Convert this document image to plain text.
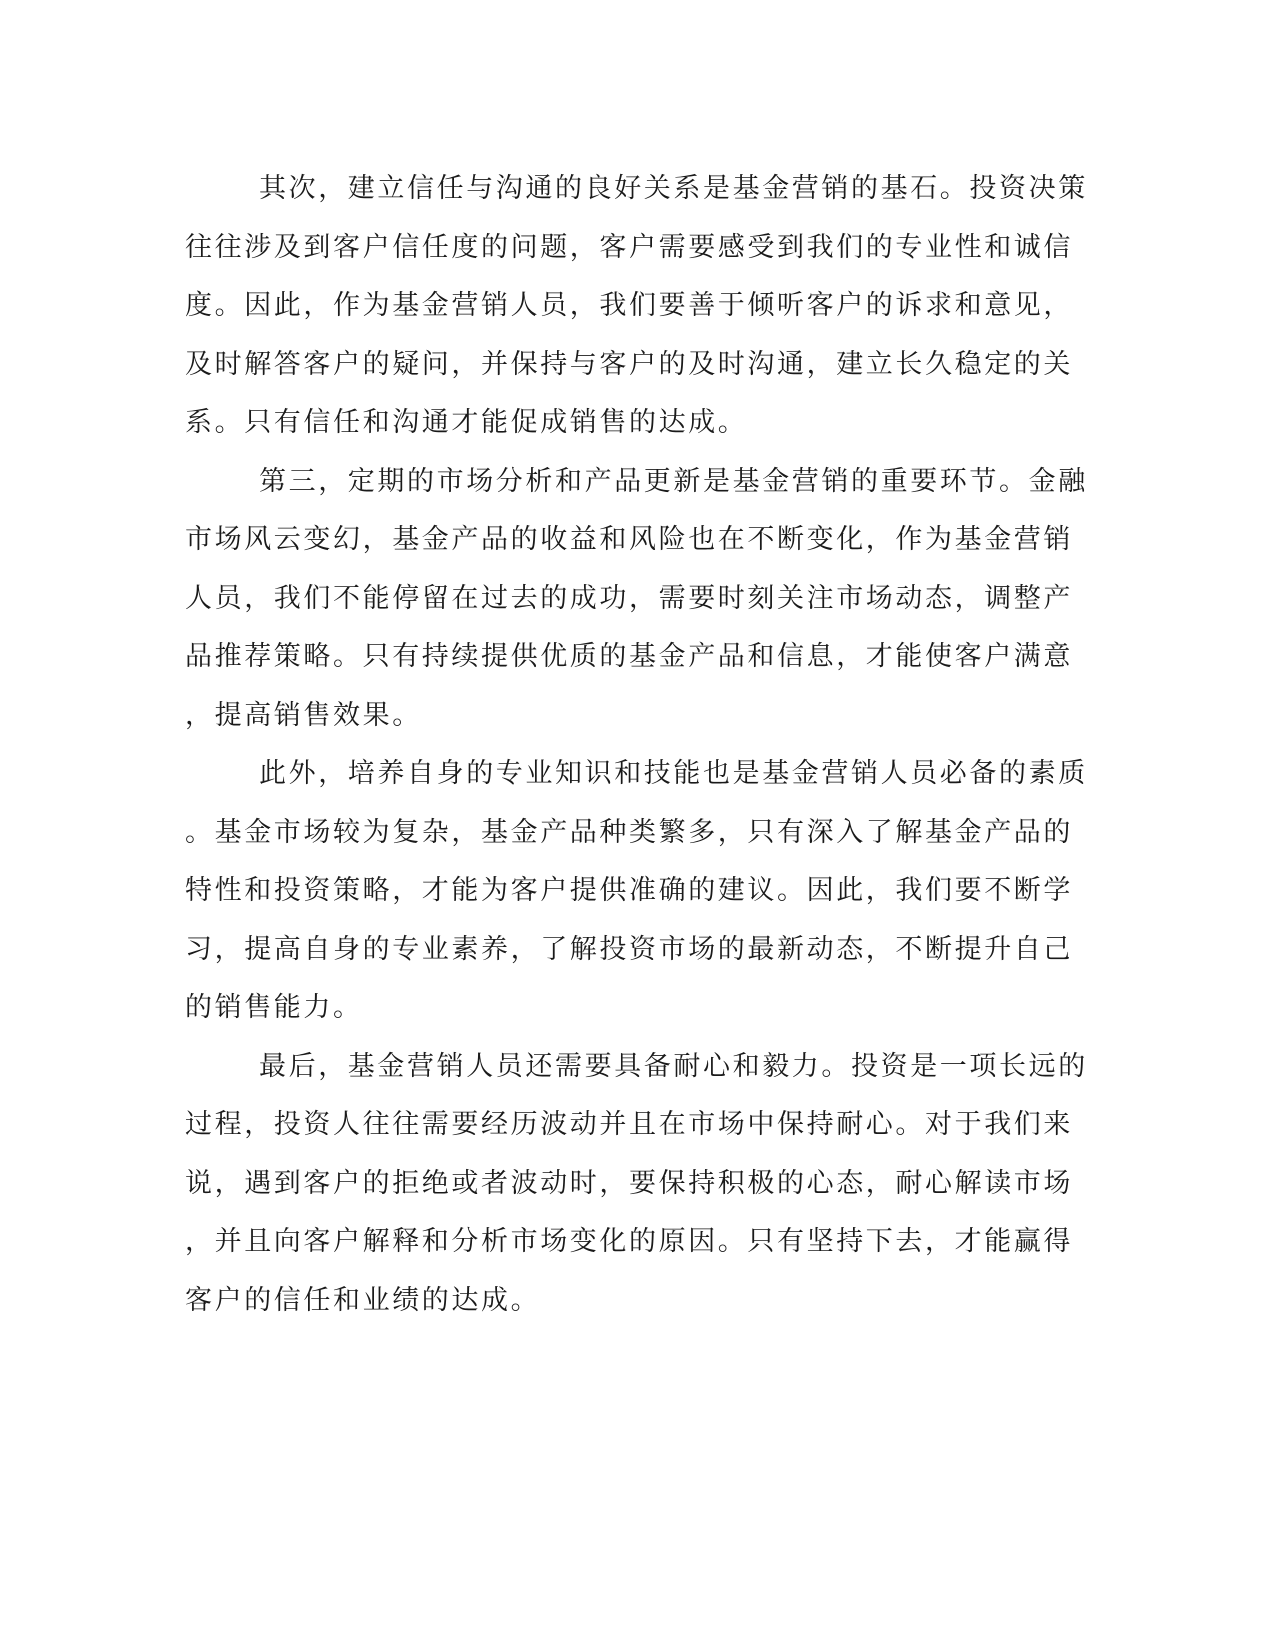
其次，建立信任与沟通的良好关系是基金营销的基石。投资决策
往往涉及到客户信任度的问题，客户需要感受到我们的专业性和诚信
度。因此，作为基金营销人员，我们要善于倾听客户的诉求和意见，
及时解答客户的疑问，并保持与客户的及时沟通，建立长久稳定的关
系。只有信任和沟通才能促成销售的达成。
第三，定期的市场分析和产品更新是基金营销的重要环节。金融
市场风云变幻，基金产品的收益和风险也在不断变化，作为基金营销
人员，我们不能停留在过去的成功，需要时刻关注市场动态，调整产
品推荐策略。只有持续提供优质的基金产品和信息，才能使客户满意
，提高销售效果。
此外，培养自身的专业知识和技能也是基金营销人员必备的素质
。基金市场较为复杂，基金产品种类繁多，只有深入了解基金产品的
特性和投资策略，才能为客户提供准确的建议。因此，我们要不断学
习，提高自身的专业素养，了解投资市场的最新动态，不断提升自己
的销售能力。
最后，基金营销人员还需要具备耐心和毅力。投资是一项长远的
过程，投资人往往需要经历波动并且在市场中保持耐心。对于我们来
说，遇到客户的拒绝或者波动时，要保持积极的心态，耐心解读市场
，并且向客户解释和分析市场变化的原因。只有坚持下去，才能赢得
客户的信任和业绩的达成。
